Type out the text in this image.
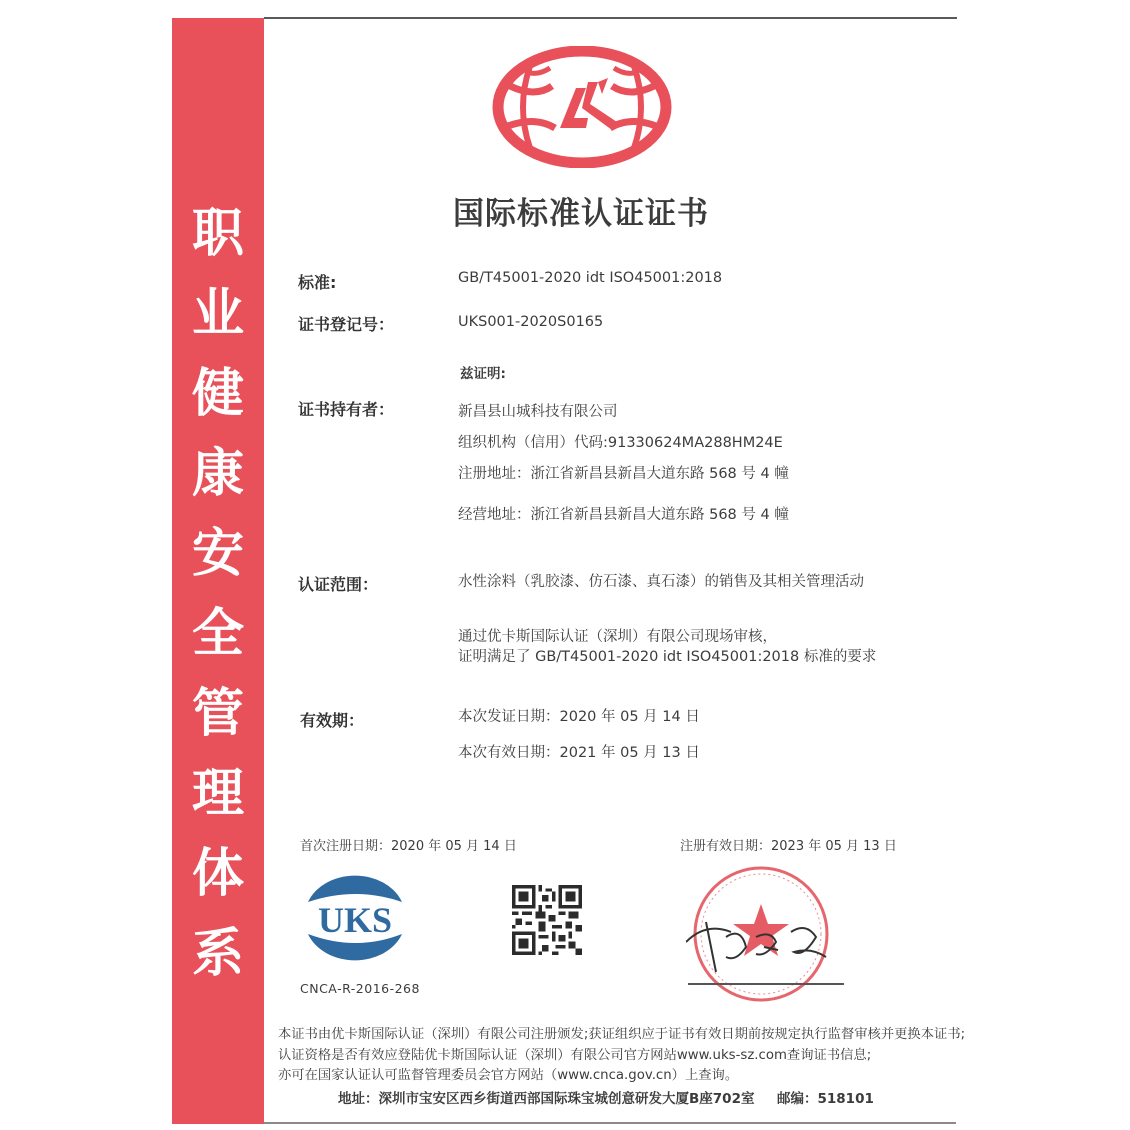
职
业
健
康
安
全
管
理
体
系
国际标准认证证书
标准:	GB/T45001-2020 idt ISO45001:2018
证书登记号：	UKS001-2020S0165
兹证明:
证书持有者：	新昌县山城科技有限公司
组织机构（信用）代码:91330624MA288HM24E
注册地址：浙江省新昌县新昌大道东路 568 号 4 幢
经营地址：浙江省新昌县新昌大道东路 568 号 4 幢
认证范围：	水性涂料（乳胶漆、仿石漆、真石漆）的销售及其相关管理活动
通过优卡斯国际认证（深圳）有限公司现场审核，
证明满足了 GB/T45001-2020 idt ISO45001:2018 标准的要求
有效期：	本次发证日期：2020 年 05 月 14 日
本次有效日期：2021 年 05 月 13 日
首次注册日期：2020 年 05 月 14 日	注册有效日期：2023 年 05 月 13 日
UKS
CNCA-R-2016-268
本证书由优卡斯国际认证（深圳）有限公司注册颁发;获证组织应于证书有效日期前按规定执行监督审核并更换本证书;
认证资格是否有效应登陆优卡斯国际认证（深圳）有限公司官方网站www.uks-sz.com查询证书信息;
亦可在国家认证认可监督管理委员会官方网站（www.cnca.gov.cn）上查询。
地址：深圳市宝安区西乡街道西部国际珠宝城创意研发大厦B座702室 邮编：518101
